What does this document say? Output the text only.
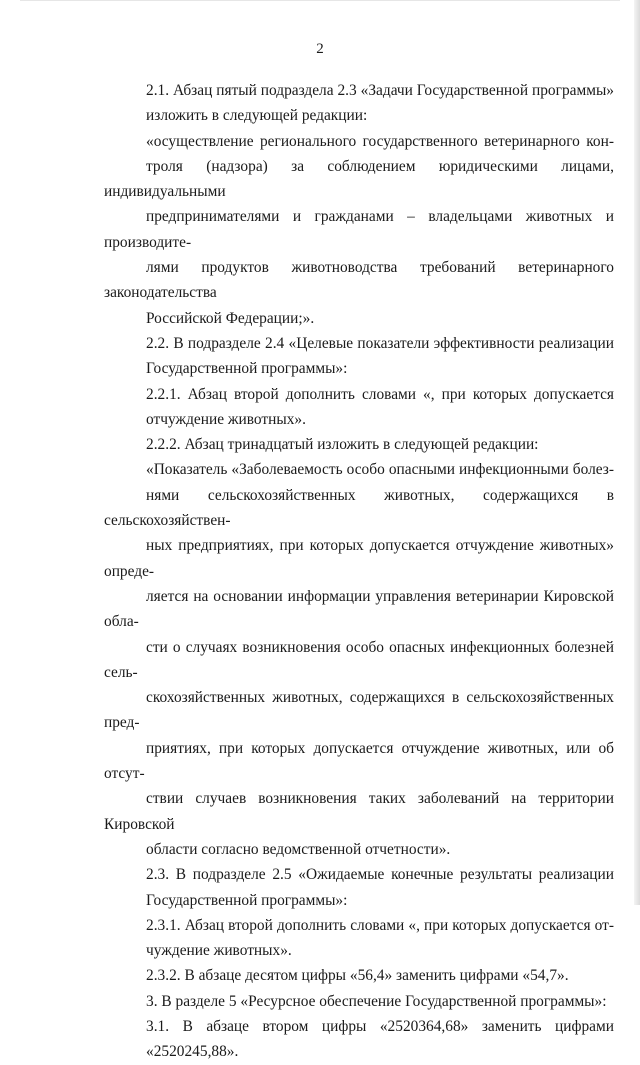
2

2.1. Абзац пятый подраздела 2.3 «Задачи Государственной программы»
изложить в следующей редакции:

«осуществление регионального государственного ветеринарного кон-
троля (надзора) за соблюдением юридическими лицами, индивидуальными
предпринимателями и гражданами – владельцами животных и производите-
лями продуктов животноводства требований ветеринарного законодательства
Российской Федерации;».

2.2. В подразделе 2.4 «Целевые показатели эффективности реализации
Государственной программы»:

2.2.1. Абзац второй дополнить словами «, при которых допускается
отчуждение животных».

2.2.2. Абзац тринадцатый изложить в следующей редакции:

«Показатель «Заболеваемость особо опасными инфекционными болез-
нями сельскохозяйственных животных, содержащихся в сельскохозяйствен-
ных предприятиях, при которых допускается отчуждение животных» опреде-
ляется на основании информации управления ветеринарии Кировской обла-
сти о случаях возникновения особо опасных инфекционных болезней сель-
скохозяйственных животных, содержащихся в сельскохозяйственных пред-
приятиях, при которых допускается отчуждение животных, или об отсут-
ствии случаев возникновения таких заболеваний на территории Кировской
области согласно ведомственной отчетности».

2.3. В подразделе 2.5 «Ожидаемые конечные результаты реализации
Государственной программы»:

2.3.1. Абзац второй дополнить словами «, при которых допускается от-
чуждение животных».

2.3.2. В абзаце десятом цифры «56,4» заменить цифрами «54,7».

3. В разделе 5 «Ресурсное обеспечение Государственной программы»:

3.1. В абзаце втором цифры «2520364,68» заменить цифрами
«2520245,88».
